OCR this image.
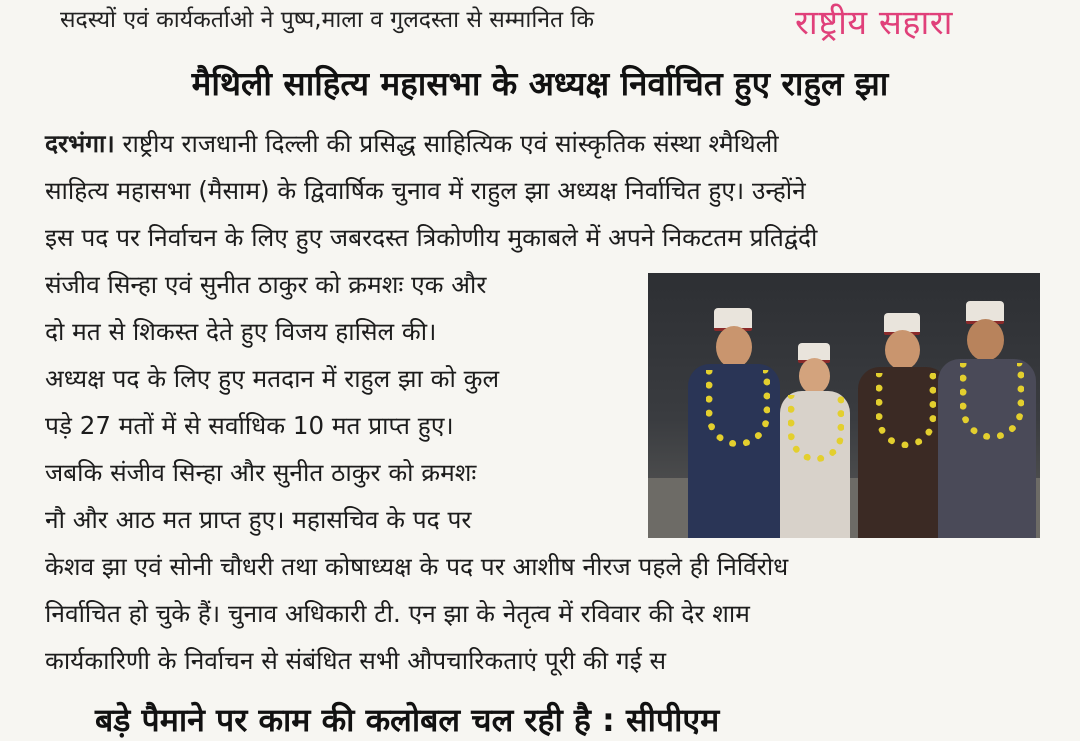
सदस्यों एवं कार्यकर्ताओ ने पुष्प,माला व गुलदस्ता से सम्मानित कि	राष्ट्रीय सहारा
मैथिली साहित्य महासभा के अध्यक्ष निर्वाचित हुए राहुल झा
दरभंगा। राष्ट्रीय राजधानी दिल्ली की प्रसिद्ध साहित्यिक एवं सांस्कृतिक संस्था श्मैथिली
साहित्य महासभा (मैसाम) के द्विवार्षिक चुनाव में राहुल झा अध्यक्ष निर्वाचित हुए। उन्होंने
इस पद पर निर्वाचन के लिए हुए जबरदस्त त्रिकोणीय मुकाबले में अपने निकटतम प्रतिद्वंदी
संजीव सिन्हा एवं सुनीत ठाकुर को क्रमशः एक और
दो मत से शिकस्त देते हुए विजय हासिल की।
अध्यक्ष पद के लिए हुए मतदान में राहुल झा को कुल
पड़े 27 मतों में से सर्वाधिक 10 मत प्राप्त हुए।
जबकि संजीव सिन्हा और सुनीत ठाकुर को क्रमशः
नौ और आठ मत प्राप्त हुए। महासचिव के पद पर
केशव झा एवं सोनी चौधरी तथा कोषाध्यक्ष के पद पर आशीष नीरज पहले ही निर्विरोध
निर्वाचित हो चुके हैं। चुनाव अधिकारी टी. एन झा के नेतृत्व में रविवार की देर शाम
कार्यकारिणी के निर्वाचन से संबंधित सभी औपचारिकताएं पूरी की गई स
बड़े पैमाने पर काम की कलोबल चल रही है : सीपीएम
